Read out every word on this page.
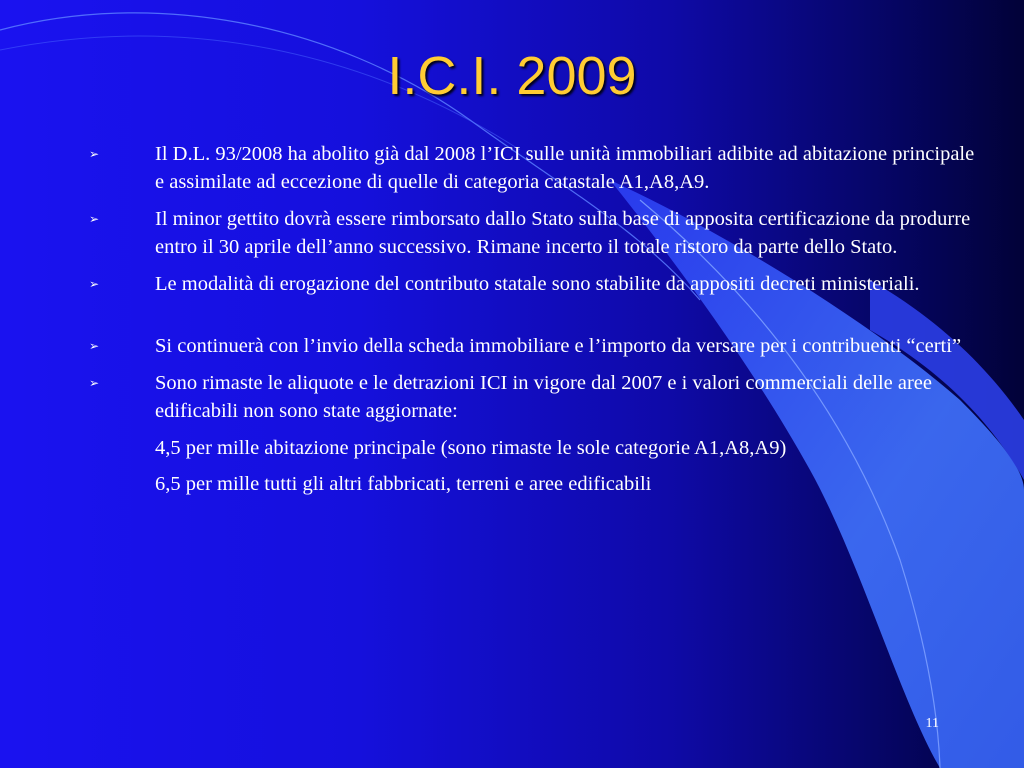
I.C.I. 2009
➢	Il D.L. 93/2008 ha abolito già dal 2008 l’ICI sulle unità immobiliari adibite ad abitazione principale e assimilate ad eccezione di quelle di categoria catastale A1,A8,A9.
➢	Il minor gettito dovrà essere rimborsato dallo Stato sulla base di apposita certificazione da produrre entro il 30 aprile dell’anno successivo. Rimane incerto il totale ristoro da parte dello Stato.
➢	Le modalità di erogazione del contributo statale sono stabilite da appositi decreti ministeriali.
➢	Si continuerà con l’invio della scheda immobiliare e l’importo da versare per i contribuenti “certi”
➢	Sono rimaste le aliquote e le detrazioni ICI in vigore dal 2007 e i valori commerciali delle aree edificabili non sono state aggiornate:
4,5 per mille abitazione principale (sono rimaste le sole categorie A1,A8,A9)
6,5 per mille tutti gli altri fabbricati, terreni e aree edificabili
11
